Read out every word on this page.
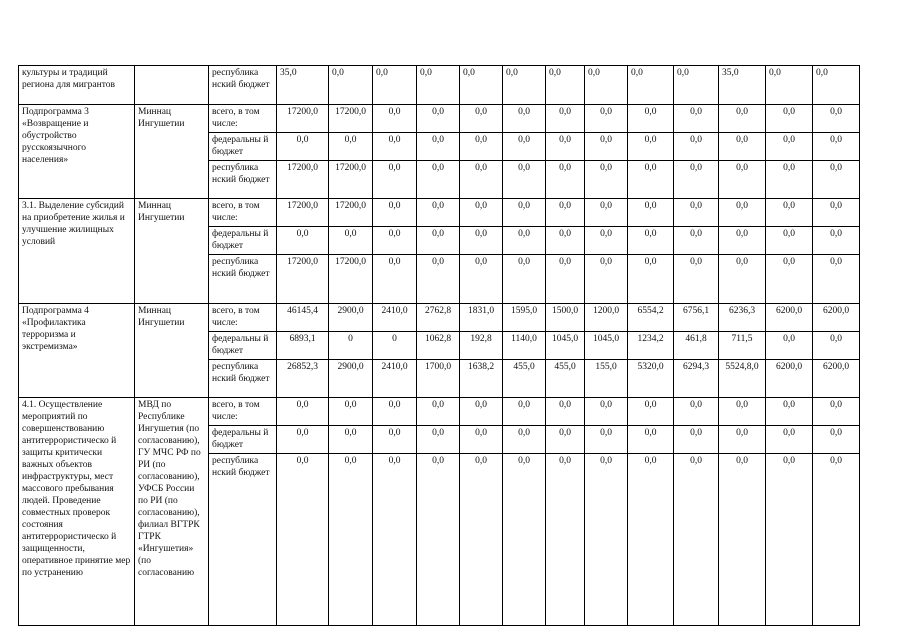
культуры и традиций региона для мигрантов		республика нский бюджет	35,0	0,0	0,0	0,0	0,0	0,0	0,0	0,0	0,0	0,0	35,0	0,0	0,0
Подпрограмма 3 «Возвращение и обустройство русскоязычного населения»	Миннац Ингушетии	всего, в том числе:	17200,0	17200,0	0,0	0,0	0,0	0,0	0,0	0,0	0,0	0,0	0,0	0,0	0,0
		федеральны й бюджет	0,0	0,0	0,0	0,0	0,0	0,0	0,0	0,0	0,0	0,0	0,0	0,0	0,0
		республика нский бюджет	17200,0	17200,0	0,0	0,0	0,0	0,0	0,0	0,0	0,0	0,0	0,0	0,0	0,0
3.1. Выделение субсидий на приобретение жилья и улучшение жилищных условий	Миннац Ингушетии	всего, в том числе:	17200,0	17200,0	0,0	0,0	0,0	0,0	0,0	0,0	0,0	0,0	0,0	0,0	0,0
		федеральны й бюджет	0,0	0,0	0,0	0,0	0,0	0,0	0,0	0,0	0,0	0,0	0,0	0,0	0,0
		республика нский бюджет	17200,0	17200,0	0,0	0,0	0,0	0,0	0,0	0,0	0,0	0,0	0,0	0,0	0,0

Подпрограмма 4 «Профилактика терроризма и экстремизма»	Миннац Ингушетии	всего, в том числе:	46145,4	2900,0	2410,0	2762,8	1831,0	1595,0	1500,0	1200,0	6554,2	6756,1	6236,3	6200,0	6200,0
		федеральны й бюджет	6893,1	0	0	1062,8	192,8	1140,0	1045,0	1045,0	1234,2	461,8	711,5	0,0	0,0
		республика нский бюджет	26852,3	2900,0	2410,0	1700,0	1638,2	455,0	455,0	155,0	5320,0	6294,3	5524,8,0	6200,0	6200,0
4.1. Осуществление мероприятий по совершенствованию антитеррористическо й защиты критически важных объектов инфраструктуры, мест массового пребывания людей. Проведение совместных проверок состояния антитеррористическо й защищенности, оперативное принятие мер по устранению	МВД по Республике Ингушетия (по согласованию), ГУ МЧС РФ по РИ (по согласованию), УФСБ России по РИ (по согласованию), филиал ВГТРК ГТРК «Ингушетия» (по согласованию	всего, в том числе:	0,0	0,0	0,0	0,0	0,0	0,0	0,0	0,0	0,0	0,0	0,0	0,0	0,0
		федеральны й бюджет	0,0	0,0	0,0	0,0	0,0	0,0	0,0	0,0	0,0	0,0	0,0	0,0	0,0
		республика нский бюджет	0,0	0,0	0,0	0,0	0,0	0,0	0,0	0,0	0,0	0,0	0,0	0,0	0,0
